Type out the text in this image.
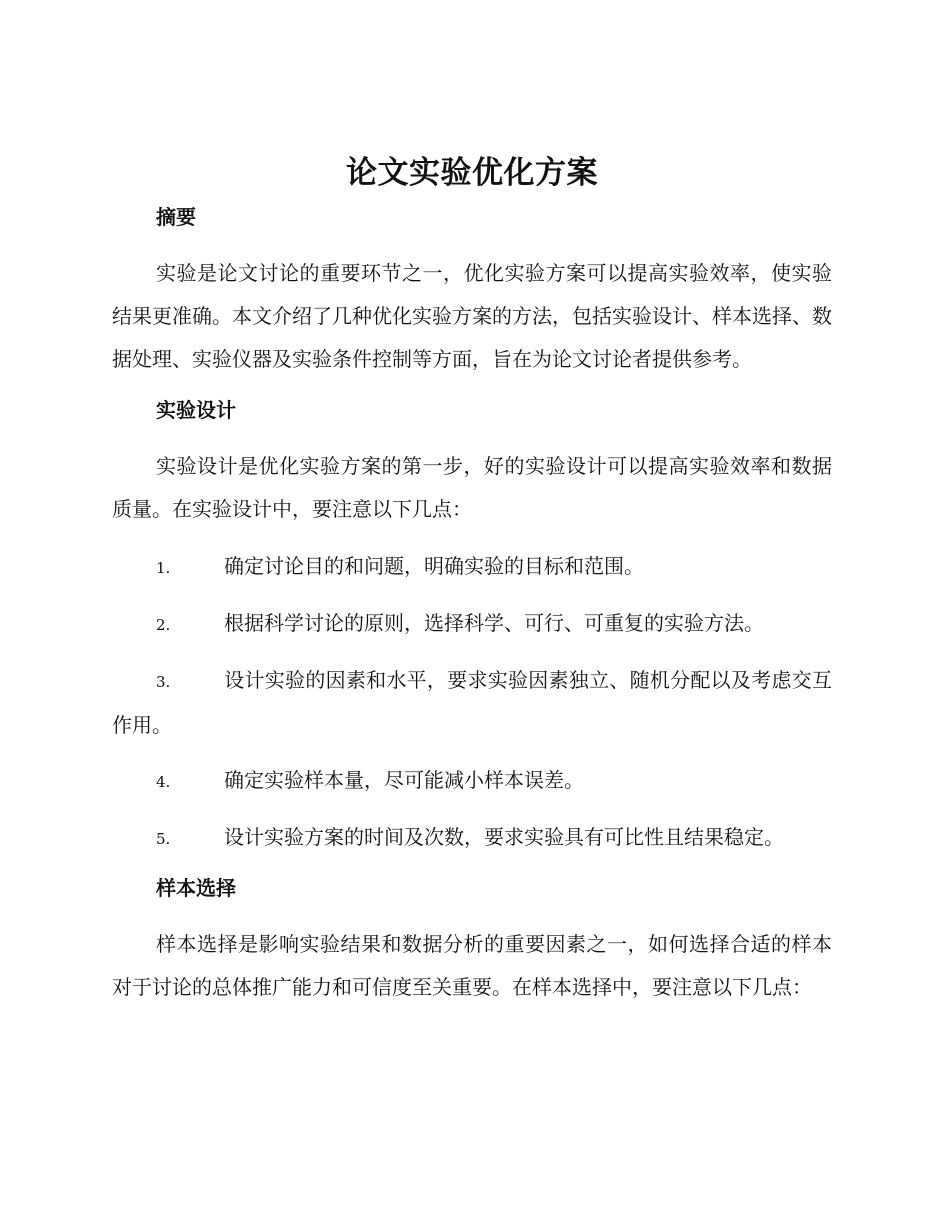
论文实验优化方案
摘要

实验是论文讨论的重要环节之一，优化实验方案可以提高实验效率，使实验结果更准确。本文介绍了几种优化实验方案的方法，包括实验设计、样本选择、数据处理、实验仪器及实验条件控制等方面，旨在为论文讨论者提供参考。

实验设计

实验设计是优化实验方案的第一步，好的实验设计可以提高实验效率和数据质量。在实验设计中，要注意以下几点：

1.	确定讨论目的和问题，明确实验的目标和范围。
2.	根据科学讨论的原则，选择科学、可行、可重复的实验方法。
3.	设计实验的因素和水平，要求实验因素独立、随机分配以及考虑交互作用。
4.	确定实验样本量，尽可能减小样本误差。
5.	设计实验方案的时间及次数，要求实验具有可比性且结果稳定。
样本选择

样本选择是影响实验结果和数据分析的重要因素之一，如何选择合适的样本对于讨论的总体推广能力和可信度至关重要。在样本选择中，要注意以下几点：
